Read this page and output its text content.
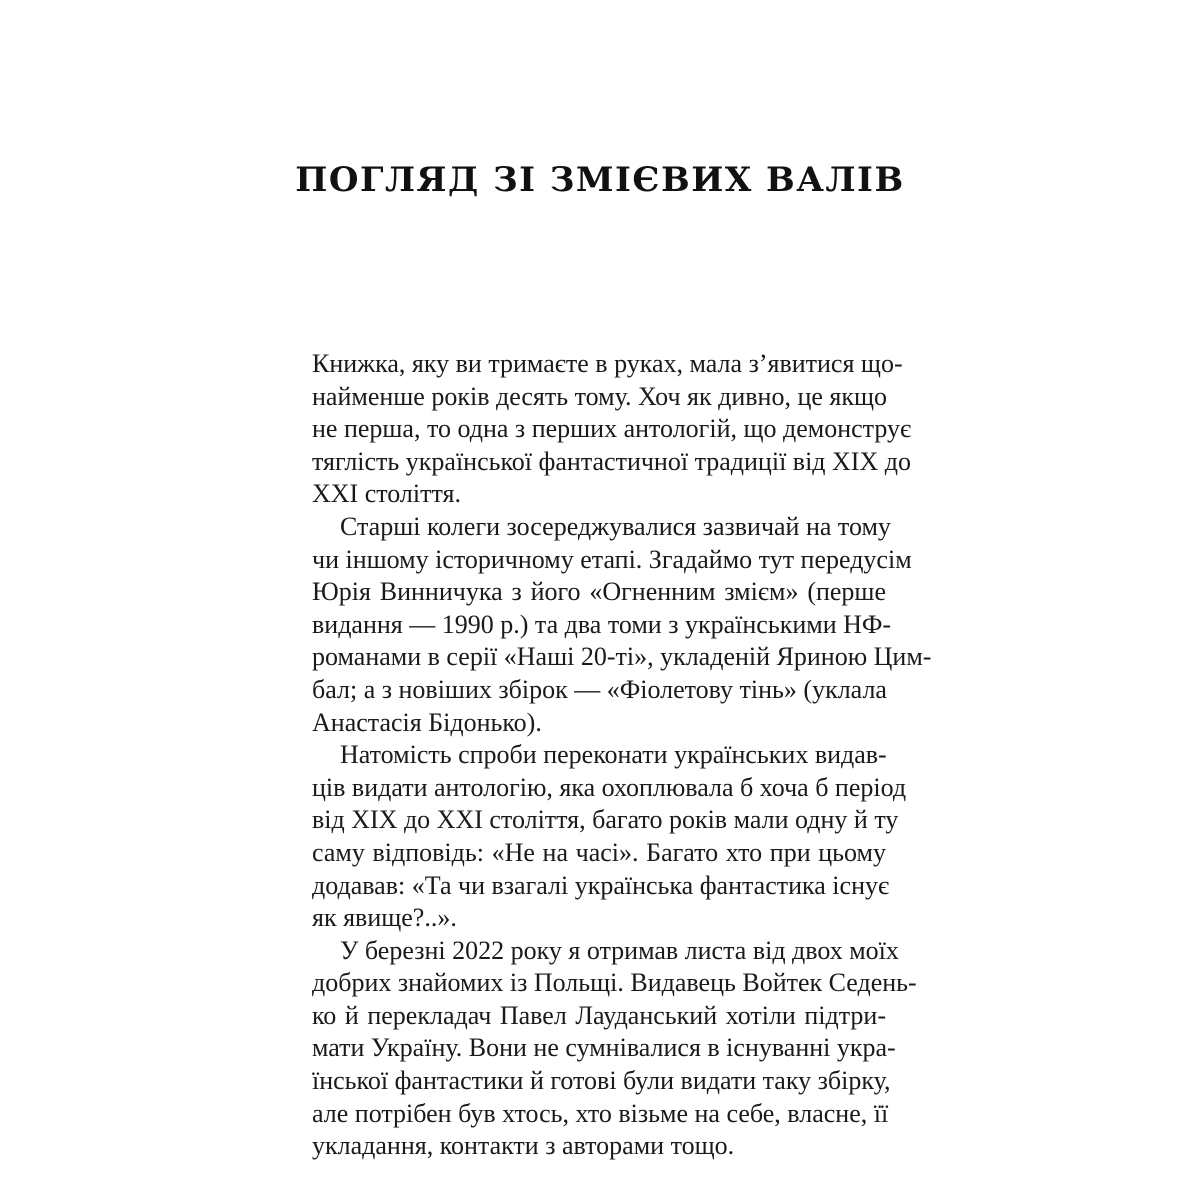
ПОГЛЯД ЗІ ЗМІЄВИХ ВАЛІВ
Книжка, яку ви тримаєте в руках, мала з’явитися що-
найменше років десять тому. Хоч як дивно, це якщо
не перша, то одна з перших антологій, що демонструє
тяглість української фантастичної традиції від ХІХ до
ХХІ століття.
Старші колеги зосереджувалися зазвичай на тому
чи іншому історичному етапі. Згадаймо тут передусім
Юрія Винничука з його «Огненним змієм» (перше
видання — 1990 р.) та два томи з українськими НФ-
романами в серії «Наші 20-ті», укладеній Яриною Цим-
бал; а з новіших збірок — «Фіолетову тінь» (уклала
Анастасія Бідонько).
Натомість спроби переконати українських видав-
ців видати антологію, яка охоплювала б хоча б період
від ХІХ до ХХІ століття, багато років мали одну й ту
саму відповідь: «Не на часі». Багато хто при цьому
додавав: «Та чи взагалі українська фантастика існує
як явище?..».
У березні 2022 року я отримав листа від двох моїх
добрих знайомих із Польщі. Видавець Войтек Седень-
ко й перекладач Павел Лауданський хотіли підтри-
мати Україну. Вони не сумнівалися в існуванні укра-
їнської фантастики й готові були видати таку збірку,
але потрібен був хтось, хто візьме на себе, власне, її
укладання, контакти з авторами тощо.
